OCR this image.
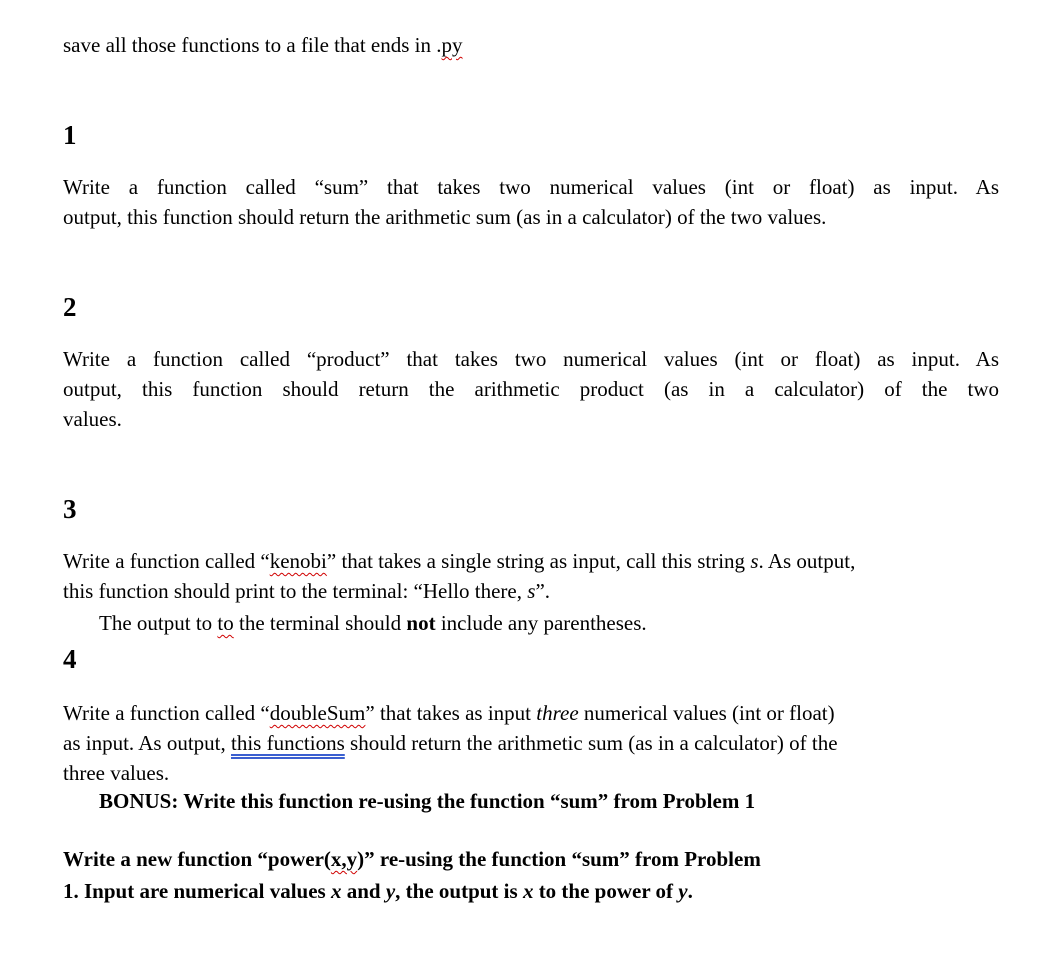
save all those functions to a file that ends in .py
1
Write a function called “sum” that takes two numerical values (int or float) as input. As
output, this function should return the arithmetic sum (as in a calculator) of the two values.
2
Write a function called “product” that takes two numerical values (int or float) as input. As
output, this function should return the arithmetic product (as in a calculator) of the two
values.
3
Write a function called “kenobi” that takes a single string as input, call this string s. As output,
this function should print to the terminal: “Hello there, s”.
The output to to the terminal should not include any parentheses.
4
Write a function called “doubleSum” that takes as input three numerical values (int or float)
as input. As output, this functions should return the arithmetic sum (as in a calculator) of the
three values.
BONUS: Write this function re-using the function “sum” from Problem 1
Write a new function “power(x,y)” re-using the function “sum” from Problem
1. Input are numerical values x and y, the output is x to the power of y.
